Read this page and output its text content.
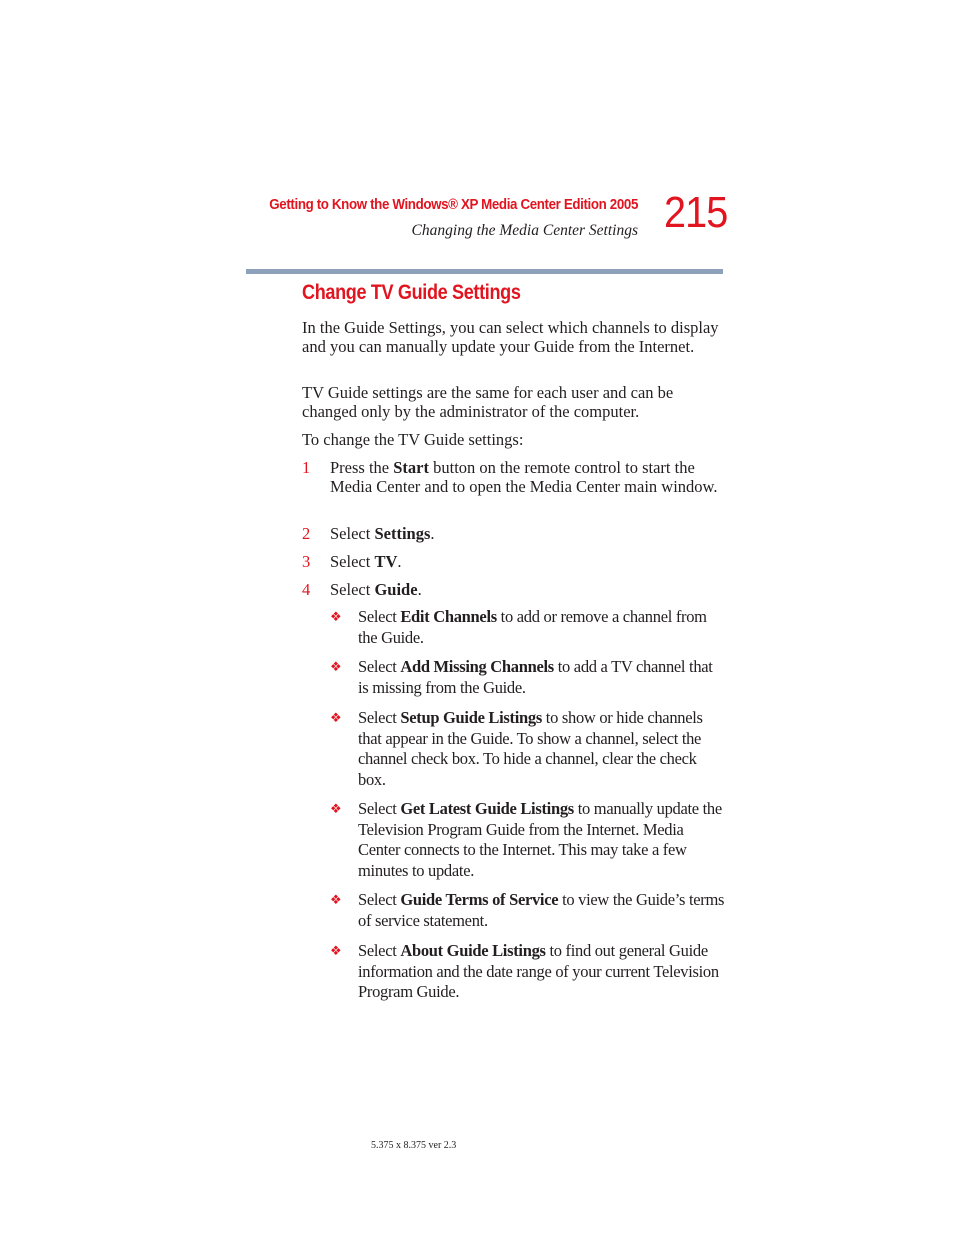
Getting to Know the Windows® XP Media Center Edition 2005
Changing the Media Center Settings 215
Change TV Guide Settings
In the Guide Settings, you can select which channels to display and you can manually update your Guide from the Internet.
TV Guide settings are the same for each user and can be changed only by the administrator of the computer.
To change the TV Guide settings:
1 Press the Start button on the remote control to start the Media Center and to open the Media Center main window.
2 Select Settings.
3 Select TV.
4 Select Guide.
❖ Select Edit Channels to add or remove a channel from the Guide.
❖ Select Add Missing Channels to add a TV channel that is missing from the Guide.
❖ Select Setup Guide Listings to show or hide channels that appear in the Guide. To show a channel, select the channel check box. To hide a channel, clear the check box.
❖ Select Get Latest Guide Listings to manually update the Television Program Guide from the Internet. Media Center connects to the Internet. This may take a few minutes to update.
❖ Select Guide Terms of Service to view the Guide’s terms of service statement.
❖ Select About Guide Listings to find out general Guide information and the date range of your current Television Program Guide.
5.375 x 8.375 ver 2.3
